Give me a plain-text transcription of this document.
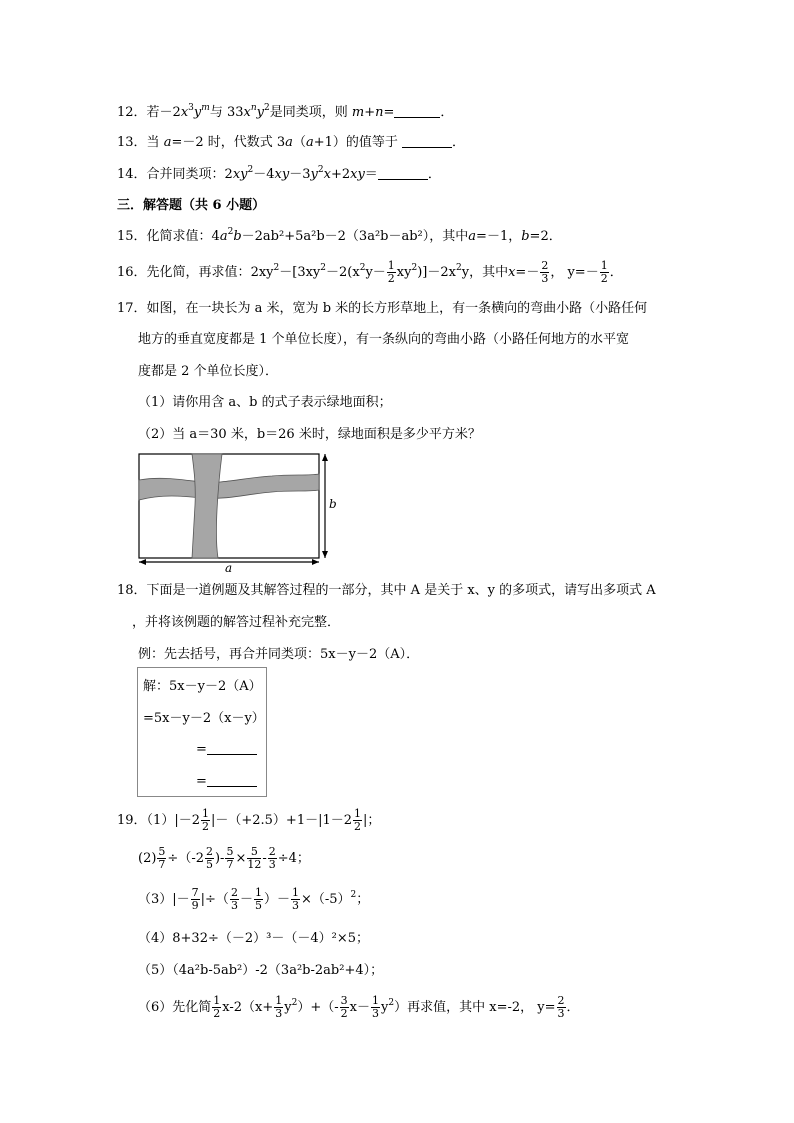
12．若$-2x^3y^m$与 $33x^ny^2$是同类项，则 m+n=	．
13．当 a=－2 时，代数式 3a（a+1）的值等于	．
14．合并同类项：$2xy^2-4xy-3y^2x+2xy=$	．
三．解答题（共 6 小题）
15．化简求值：$4a^2b-2ab^2+5a^2b-2(3a^2b-ab^2)$，其中a=－1，b=2．
16．先化简，再求值：$2xy^2-[3xy^2-2(x^2y- \frac{1}{2} xy^2)]-2x^2y$，其中$x=- \frac{2}{3}$ ， $y=- \frac{1}{2}$ ．
17．如图，在一块长为 a 米，宽为 b 米的长方形草地上，有一条横向的弯曲小路（小路任何
地方的垂直宽度都是 1 个单位长度），有一条纵向的弯曲小路（小路任何地方的水平宽
度都是 2 个单位长度）．
（1）请你用含 a、b 的式子表示绿地面积；
（2）当 a＝30 米，b＝26 米时，绿地面积是多少平方米？
b
a
18．下面是一道例题及其解答过程的一部分，其中 A 是关于 x、y 的多项式，请写出多项式 A
，并将该例题的解答过程补充完整．
例：先去括号，再合并同类项：5x－y－2（A）．
解：5x－y－2（A）
=5x－y－2（x－y）
=
=
19．$(1)|-2 \frac{1}{2} |-(+2.5)+1-|1-2 \frac{1}{2}$ |；
$(2) \frac{5}{7} \div(-2 \frac{2}{5}$ )- $\frac{5}{7} \times \frac{5}{12} - \frac{2}{3} \div 4$；
$(3)|- \frac{7}{9}$ |÷（ $\frac{2}{3} - \frac{1}{5}$ ）－ $\frac{1}{3} \times(-5)^2$；
（4）8+32÷（－2）³－（－4）²×5；
（5）（4a²b-5ab²）-2（3a²b-2ab²+4）；
（6）先化简 $\frac{1}{2} x-2(x+ \frac{1}{3} y^2)+(- \frac{3}{2} x- \frac{1}{3} y^2)$再求值，其中 x=-2， $y= \frac{2}{3}$ ．
